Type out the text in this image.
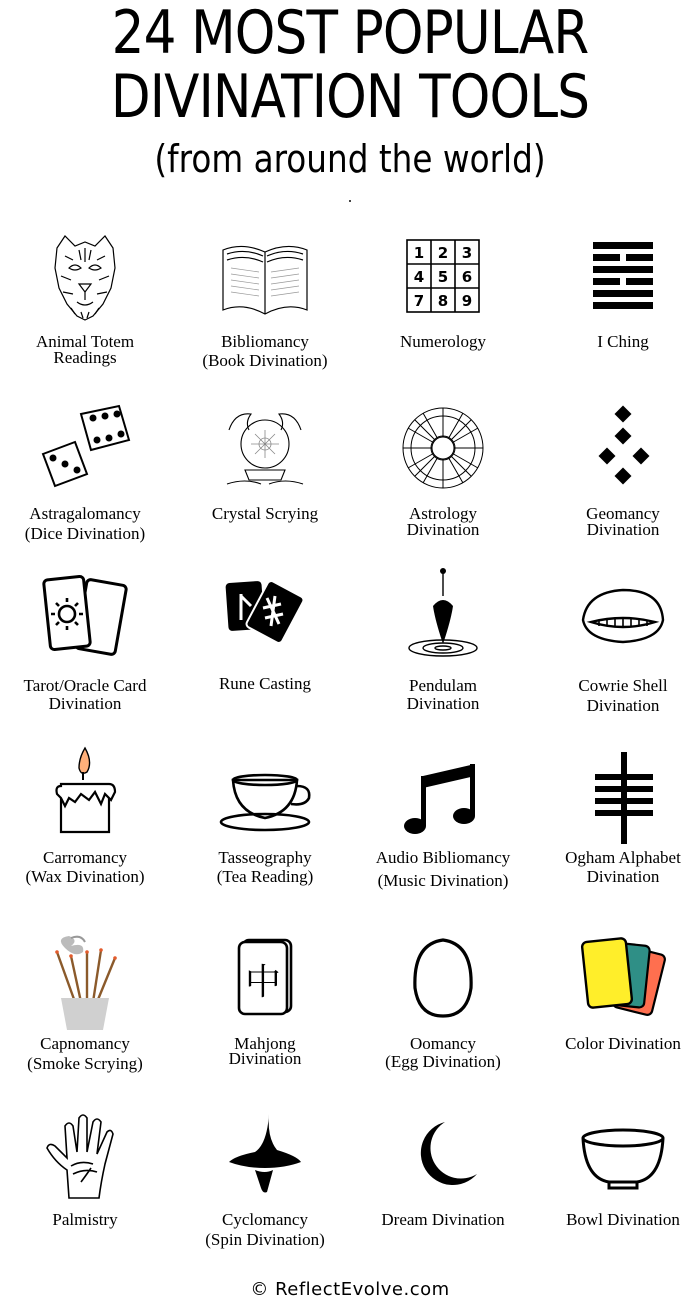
24 MOST POPULAR
DIVINATION TOOLS
(from around the world)
Animal Totem
Readings
Bibliomancy
(Book Divination)
1 2 3
4 5 6
7 8 9
Numerology	I Ching
Astragalomancy
(Dice Divination)
Crystal Scrying	Astrology
Divination
Geomancy
Divination
Tarot/Oracle Card
Divination
Rune Casting	Pendulam
Divination
Cowrie Shell
Divination
Carromancy
(Wax Divination)
Tasseography
(Tea Reading)
Audio Bibliomancy
(Music Divination)
Ogham Alphabet
Divination
Capnomancy
(Smoke Scrying)
中
Mahjong
Divination
Oomancy
(Egg Divination)
Color Divination
Palmistry	Cyclomancy
(Spin Divination)
Dream Divination	Bowl Divination
© ReflectEvolve.com
